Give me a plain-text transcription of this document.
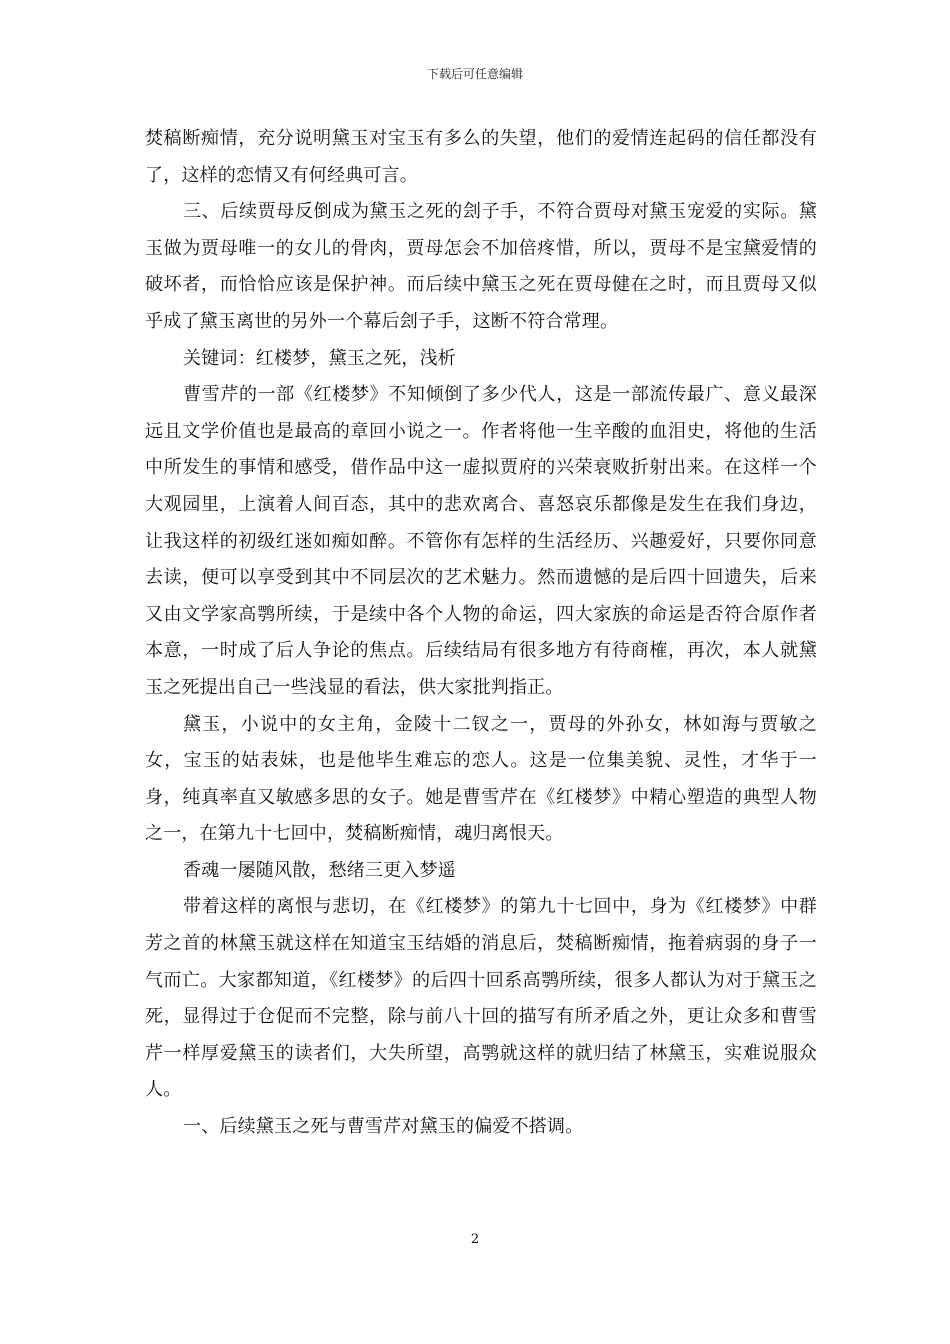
下载后可任意编辑

焚稿断痴情，充分说明黛玉对宝玉有多么的失望，他们的爱情连起码的信任都没有了，这样的恋情又有何经典可言。

三、后续贾母反倒成为黛玉之死的刽子手，不符合贾母对黛玉宠爱的实际。黛玉做为贾母唯一的女儿的骨肉，贾母怎会不加倍疼惜，所以，贾母不是宝黛爱情的破坏者，而恰恰应该是保护神。而后续中黛玉之死在贾母健在之时，而且贾母又似乎成了黛玉离世的另外一个幕后刽子手，这断不符合常理。

关键词：红楼梦，黛玉之死，浅析

曹雪芹的一部《红楼梦》不知倾倒了多少代人，这是一部流传最广、意义最深远且文学价值也是最高的章回小说之一。作者将他一生辛酸的血泪史，将他的生活中所发生的事情和感受，借作品中这一虚拟贾府的兴荣衰败折射出来。在这样一个大观园里，上演着人间百态，其中的悲欢离合、喜怒哀乐都像是发生在我们身边，让我这样的初级红迷如痴如醉。不管你有怎样的生活经历、兴趣爱好，只要你同意去读，便可以享受到其中不同层次的艺术魅力。然而遗憾的是后四十回遗失，后来又由文学家高鹗所续，于是续中各个人物的命运，四大家族的命运是否符合原作者本意，一时成了后人争论的焦点。后续结局有很多地方有待商榷，再次，本人就黛玉之死提出自己一些浅显的看法，供大家批判指正。

黛玉，小说中的女主角，金陵十二钗之一，贾母的外孙女，林如海与贾敏之女，宝玉的姑表妹，也是他毕生难忘的恋人。这是一位集美貌、灵性，才华于一身，纯真率直又敏感多思的女子。她是曹雪芹在《红楼梦》中精心塑造的典型人物之一，在第九十七回中，焚稿断痴情，魂归离恨天。

香魂一屡随风散，愁绪三更入梦遥

带着这样的离恨与悲切，在《红楼梦》的第九十七回中，身为《红楼梦》中群芳之首的林黛玉就这样在知道宝玉结婚的消息后，焚稿断痴情，拖着病弱的身子一气而亡。大家都知道，《红楼梦》的后四十回系高鹗所续，很多人都认为对于黛玉之死，显得过于仓促而不完整，除与前八十回的描写有所矛盾之外，更让众多和曹雪芹一样厚爱黛玉的读者们，大失所望，高鹗就这样的就归结了林黛玉，实难说服众人。

一、后续黛玉之死与曹雪芹对黛玉的偏爱不搭调。

2
